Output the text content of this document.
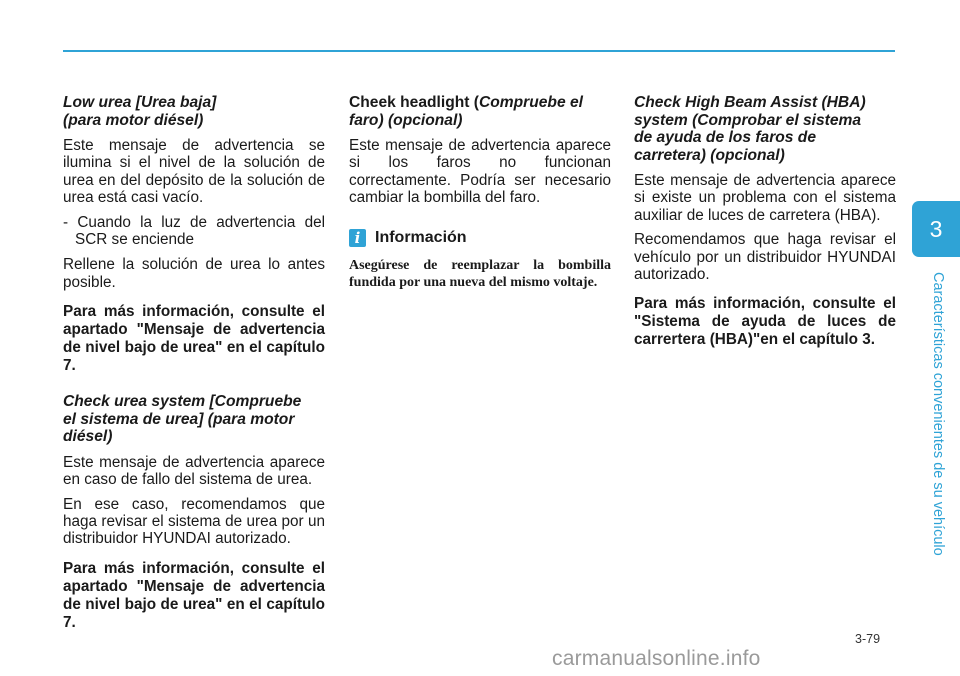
Low urea [Urea baja]
(para motor diésel)

Este mensaje de advertencia se ilumina si el nivel de la solución de urea en del depósito de la solución de urea está casi vacío.

- Cuando la luz de advertencia del SCR se enciende

Rellene la solución de urea lo antes posible.

Para más información, consulte el apartado "Mensaje de advertencia de nivel bajo de urea" en el capítulo 7.

Check urea system [Compruebe
el sistema de urea] (para motor
diésel)

Este mensaje de advertencia aparece en caso de fallo del sistema de urea.

En ese caso, recomendamos que haga revisar el sistema de urea por un distribuidor HYUNDAI autorizado.

Para más información, consulte el apartado "Mensaje de advertencia de nivel bajo de urea" en el capítulo 7.

Cheek headlight (Compruebe el
faro) (opcional)

Este mensaje de advertencia aparece si los faros no funcionan correctamente. Podría ser necesario cambiar la bombilla del faro.

i Información

Asegúrese de reemplazar la bombilla fundida por una nueva del mismo voltaje.

Check High Beam Assist (HBA)
system (Comprobar el sistema
de ayuda de los faros de
carretera) (opcional)

Este mensaje de advertencia aparece si existe un problema con el sistema auxiliar de luces de carretera (HBA).

Recomendamos que haga revisar el vehículo por un distribuidor HYUNDAI autorizado.

Para más información, consulte el "Sistema de ayuda de luces de carrertera (HBA)"en el capítulo 3.

3
Características convenientes de su vehículo
3-79
carmanualsonline.info
